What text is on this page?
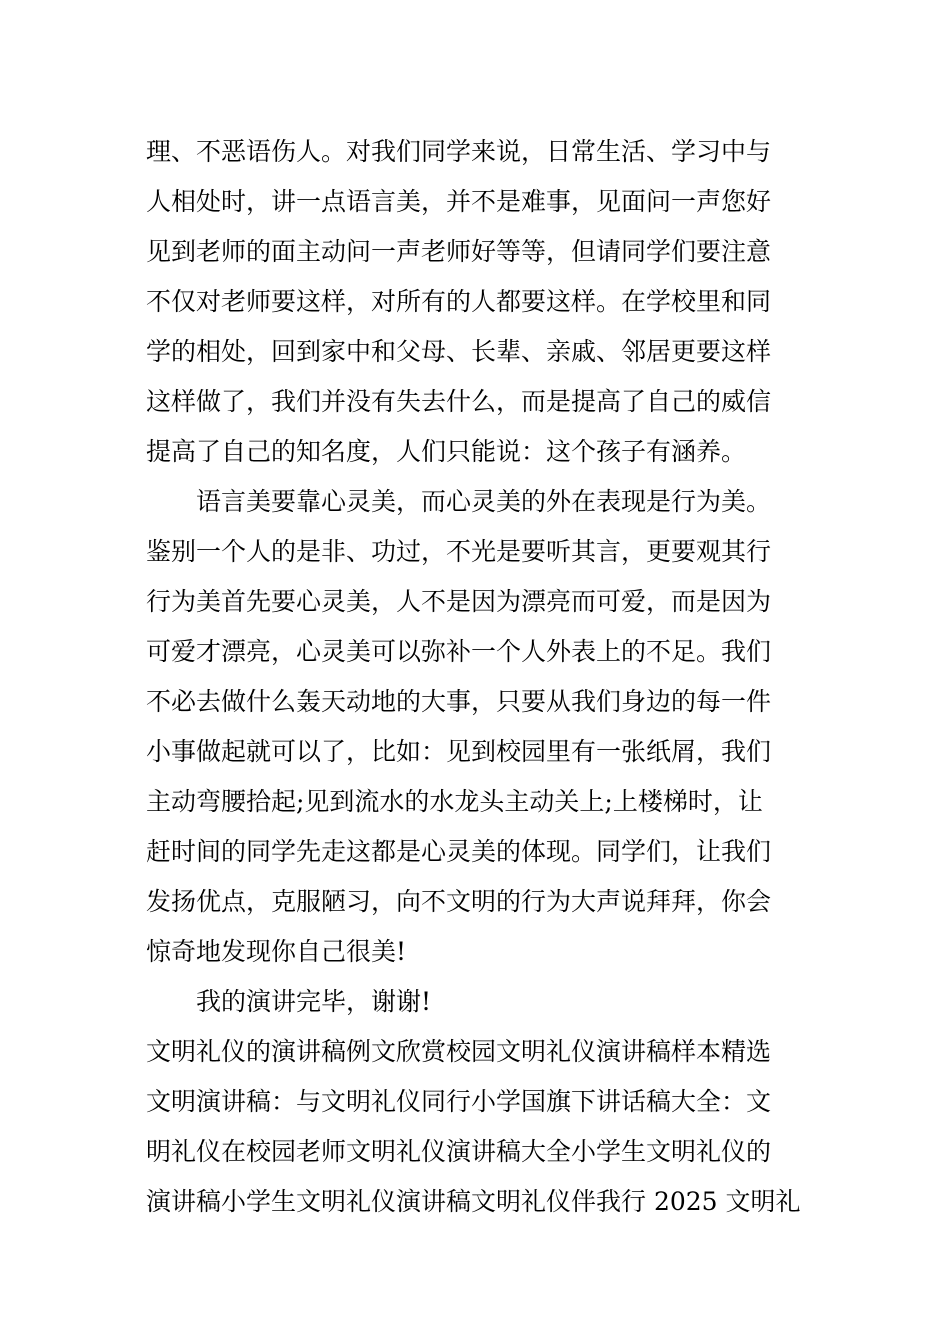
理、不恶语伤人。对我们同学来说，日常生活、学习中与
人相处时，讲一点语言美，并不是难事，见面问一声您好
见到老师的面主动问一声老师好等等，但请同学们要注意
不仅对老师要这样，对所有的人都要这样。在学校里和同
学的相处，回到家中和父母、长辈、亲戚、邻居更要这样
这样做了，我们并没有失去什么，而是提高了自己的威信
提高了自己的知名度，人们只能说：这个孩子有涵养。
语言美要靠心灵美，而心灵美的外在表现是行为美。
鉴别一个人的是非、功过，不光是要听其言，更要观其行
行为美首先要心灵美，人不是因为漂亮而可爱，而是因为
可爱才漂亮，心灵美可以弥补一个人外表上的不足。我们
不必去做什么轰天动地的大事，只要从我们身边的每一件
小事做起就可以了，比如：见到校园里有一张纸屑，我们
主动弯腰拾起;见到流水的水龙头主动关上;上楼梯时，让
赶时间的同学先走这都是心灵美的体现。同学们，让我们
发扬优点，克服陋习，向不文明的行为大声说拜拜，你会
惊奇地发现你自己很美!
我的演讲完毕，谢谢!
文明礼仪的演讲稿例文欣赏校园文明礼仪演讲稿样本精选
文明演讲稿：与文明礼仪同行小学国旗下讲话稿大全：文
明礼仪在校园老师文明礼仪演讲稿大全小学生文明礼仪的
演讲稿小学生文明礼仪演讲稿文明礼仪伴我行 2025 文明礼
